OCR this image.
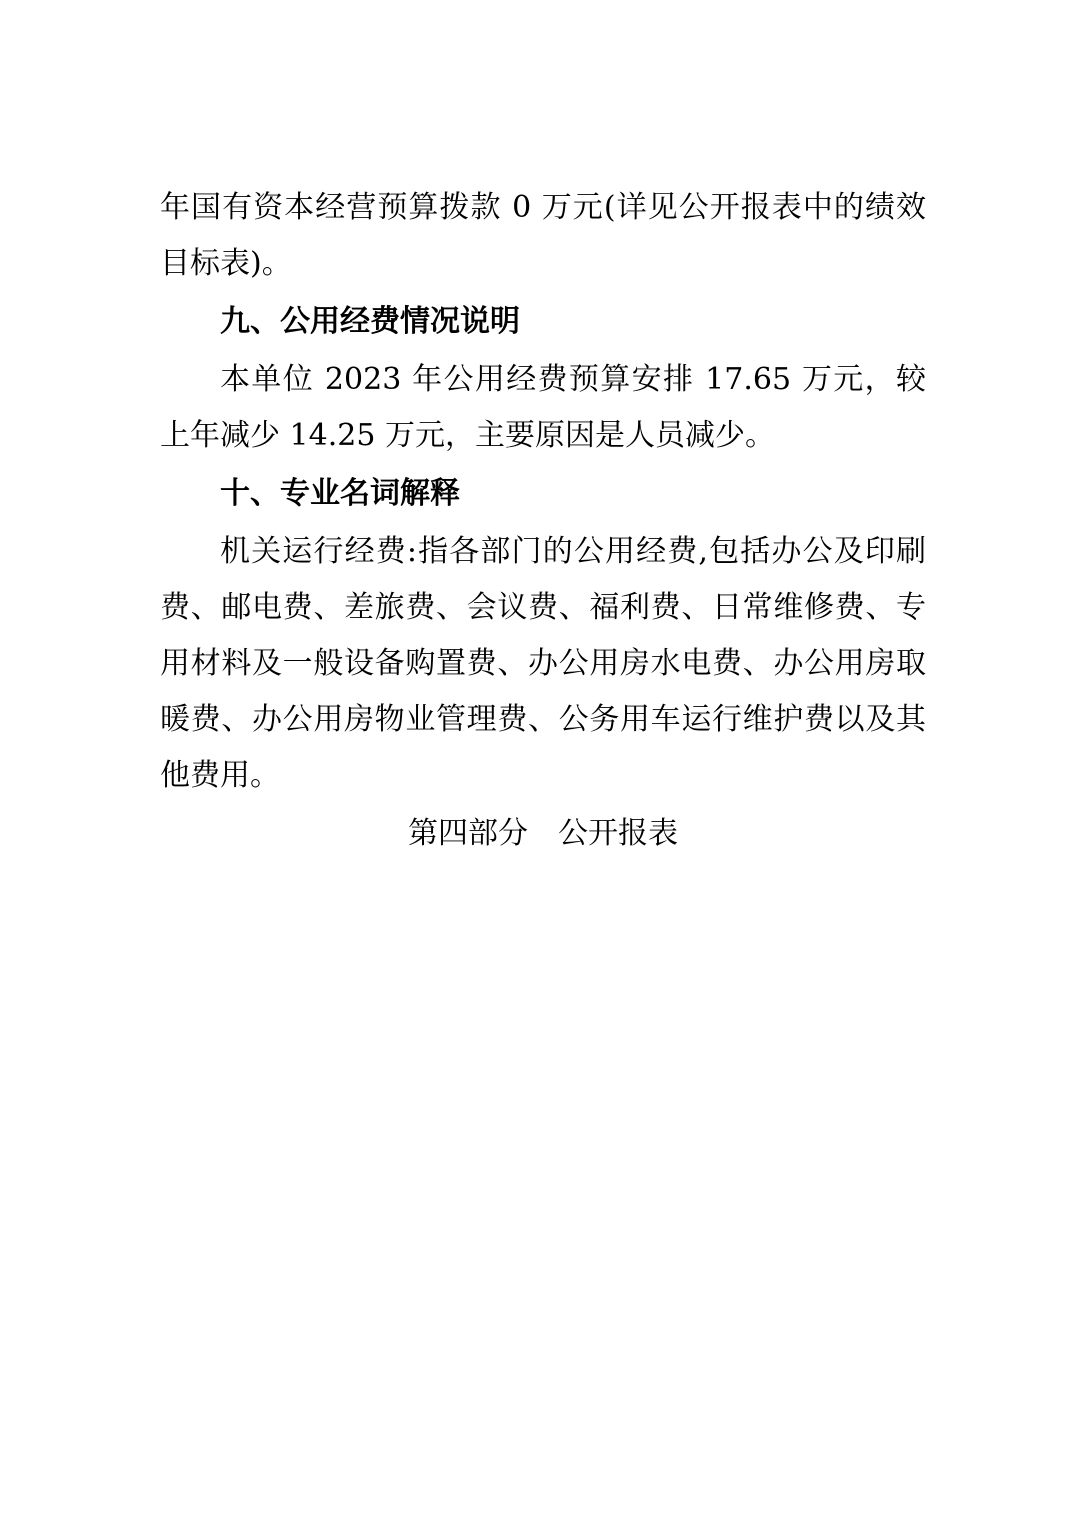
年国有资本经营预算拨款 0 万元(详见公开报表中的绩效目标表)。

九、公用经费情况说明

本单位 2023 年公用经费预算安排 17.65 万元，较上年减少 14.25 万元，主要原因是人员减少。

十、专业名词解释

机关运行经费:指各部门的公用经费,包括办公及印刷费、邮电费、差旅费、会议费、福利费、日常维修费、专用材料及一般设备购置费、办公用房水电费、办公用房取暖费、办公用房物业管理费、公务用车运行维护费以及其他费用。

第四部分　公开报表
